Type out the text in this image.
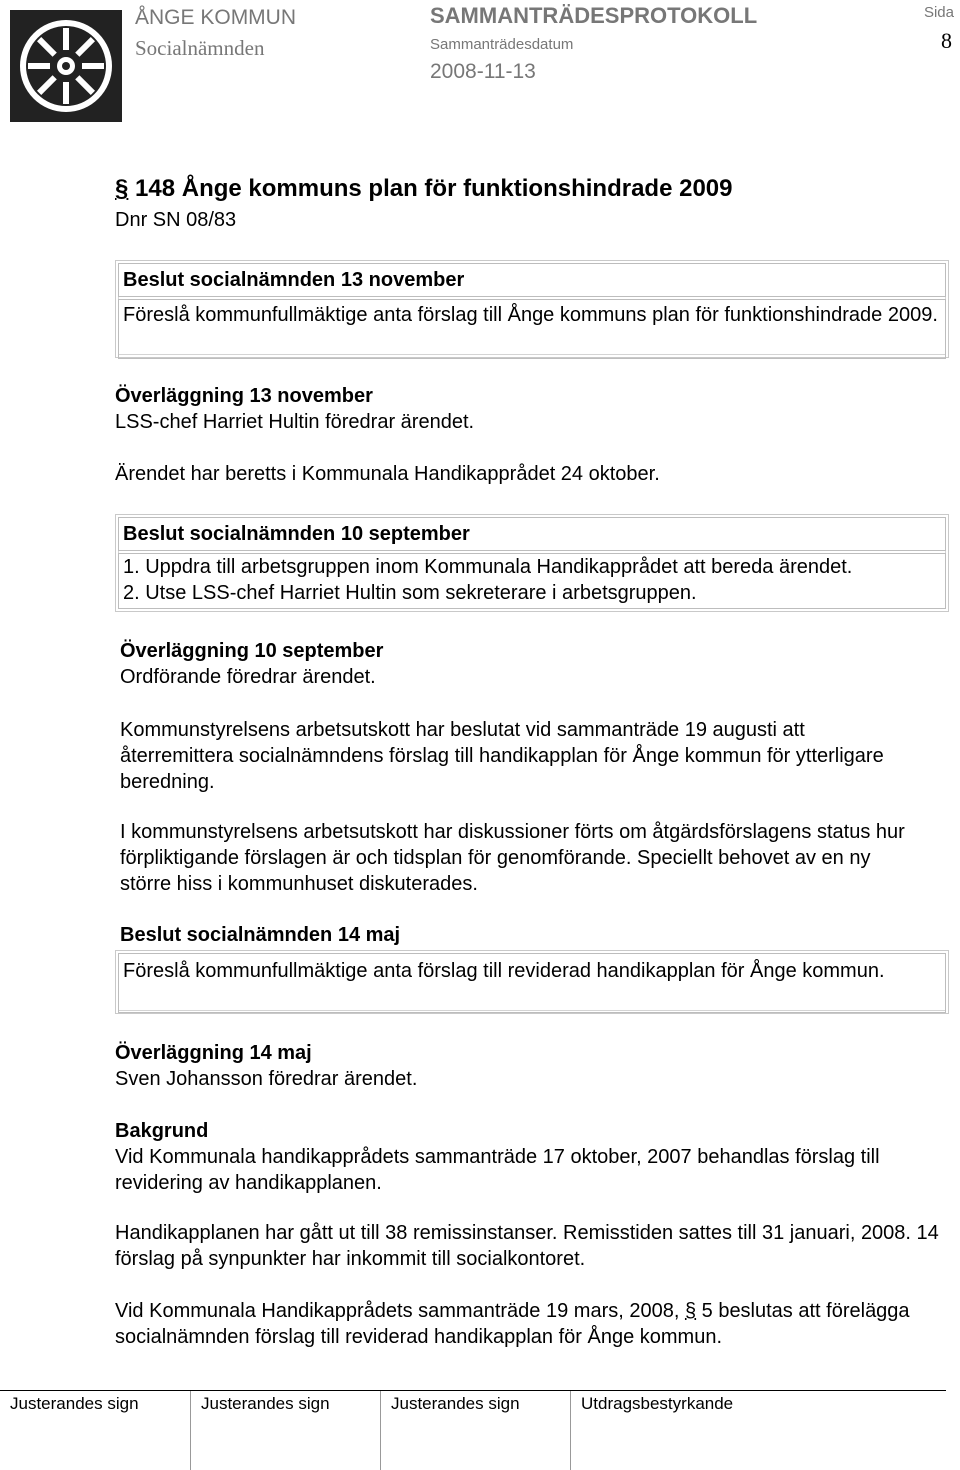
ÅNGE KOMMUN
Socialnämnden
SAMMANTRÄDESPROTOKOLL
Sammanträdesdatum
2008-11-13
Sida
8

§ 148 Ånge kommuns plan för funktionshindrade 2009

Dnr SN 08/83
Beslut socialnämnden 13 november
Föreslå kommunfullmäktige anta förslag till Ånge kommuns plan för funktionshindrade 2009.
Överläggning 13 november
LSS-chef Harriet Hultin föredrar ärendet.
Ärendet har beretts i Kommunala Handikapprådet 24 oktober.
Beslut socialnämnden 10 september
1. Uppdra till arbetsgruppen inom Kommunala Handikapprådet att bereda ärendet.
2. Utse LSS-chef Harriet Hultin som sekreterare i arbetsgruppen.
Överläggning 10 september
Ordförande föredrar ärendet.
Kommunstyrelsens arbetsutskott har beslutat vid sammanträde 19 augusti att återremittera socialnämndens förslag till handikapplan för Ånge kommun för ytterligare beredning.
I kommunstyrelsens arbetsutskott har diskussioner förts om åtgärdsförslagens status hur förpliktigande förslagen är och tidsplan för genomförande. Speciellt behovet av en ny större hiss i kommunhuset diskuterades.
Beslut socialnämnden 14 maj
Föreslå kommunfullmäktige anta förslag till reviderad handikapplan för Ånge kommun.
Överläggning 14 maj
Sven Johansson föredrar ärendet.
Bakgrund
Vid Kommunala handikapprådets sammanträde 17 oktober, 2007 behandlas förslag till revidering av handikapplanen.
Handikapplanen har gått ut till 38 remissinstanser. Remisstiden sattes till 31 januari, 2008. 14 förslag på synpunkter har inkommit till socialkontoret.
Vid Kommunala Handikapprådets sammanträde 19 mars, 2008, § 5 beslutas att förelägga socialnämnden förslag till reviderad handikapplan för Ånge kommun.
Justerandes sign	Justerandes sign	Justerandes sign	Utdragsbestyrkande
